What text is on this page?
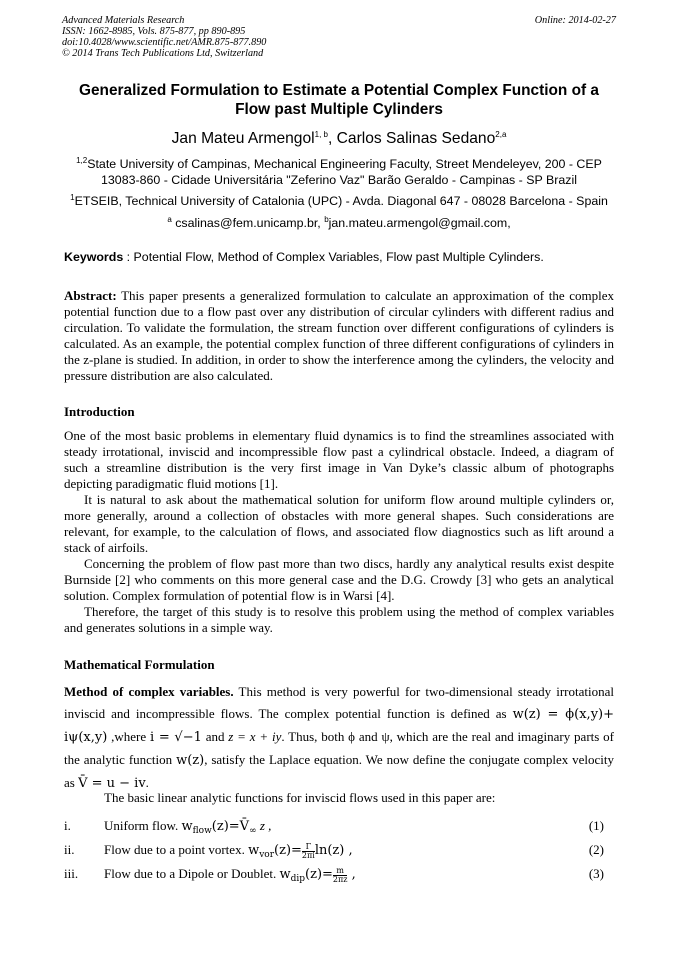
Advanced Materials Research
ISSN: 1662-8985, Vols. 875-877, pp 890-895
doi:10.4028/www.scientific.net/AMR.875-877.890
© 2014 Trans Tech Publications Ltd, Switzerland
Online: 2014-02-27
Generalized Formulation to Estimate a Potential Complex Function of a Flow past Multiple Cylinders
Jan Mateu Armengol$^{1, b}$, Carlos Salinas Sedano$^{2,a}$
$^{1,2}$State University of Campinas, Mechanical Engineering Faculty, Street Mendeleyev, 200 - CEP
13083-860 - Cidade Universitária "Zeferino Vaz" Barão Geraldo - Campinas - SP Brazil
$^1$ETSEIB, Technical University of Catalonia (UPC) - Avda. Diagonal 647 - 08028 Barcelona - Spain
$^a$ csalinas@fem.unicamp.br, $^b$jan.mateu.armengol@gmail.com,
Keywords : Potential Flow, Method of Complex Variables, Flow past Multiple Cylinders.
Abstract: This paper presents a generalized formulation to calculate an approximation of the complex potential function due to a flow past over any distribution of circular cylinders with different radius and circulation. To validate the formulation, the stream function over different configurations of cylinders is calculated. As an example, the potential complex function of three different configurations of cylinders in the z-plane is studied. In addition, in order to show the interference among the cylinders, the velocity and pressure distribution are also calculated.
Introduction
One of the most basic problems in elementary fluid dynamics is to find the streamlines associated with steady irrotational, inviscid and incompressible flow past a cylindrical obstacle. Indeed, a diagram of such a streamline distribution is the very first image in Van Dyke’s classic album of photographs depicting paradigmatic fluid motions [1].
It is natural to ask about the mathematical solution for uniform flow around multiple cylinders or, more generally, around a collection of obstacles with more general shapes. Such considerations are relevant, for example, to the calculation of flows, and associated flow diagnostics such as lift around a stack of airfoils.
Concerning the problem of flow past more than two discs, hardly any analytical results exist despite Burnside [2] who comments on this more general case and the D.G. Crowdy [3] who gets an analytical solution. Complex formulation of potential flow is in Warsi [4].
Therefore, the target of this study is to resolve this problem using the method of complex variables and generates solutions in a simple way.
Mathematical Formulation
Method of complex variables. This method is very powerful for two-dimensional steady irrotational inviscid and incompressible flows. The complex potential function is defined as w(z) = ϕ(x,y)+ iψ(x,y) ,where i = √−1 and z = x + iy. Thus, both ϕ and ψ, which are the real and imaginary parts of the analytic function w(z), satisfy the Laplace equation. We now define the conjugate complex velocity as V̄ = u − iv.
The basic linear analytic functions for inviscid flows used in this paper are:
i.	Uniform flow. $w_{flow}(z)=V̄_\infty$ z ,	(1)
ii. Flow due to a point vortex. $w_{vor}(z)= \frac{\Gamma}{2\pi i} \ln(z)$ ,	(2)
iii. Flow due to a Dipole or Doublet. $w_{dip}(z)= \frac{m}{2\pi z}$ ,	(3)
